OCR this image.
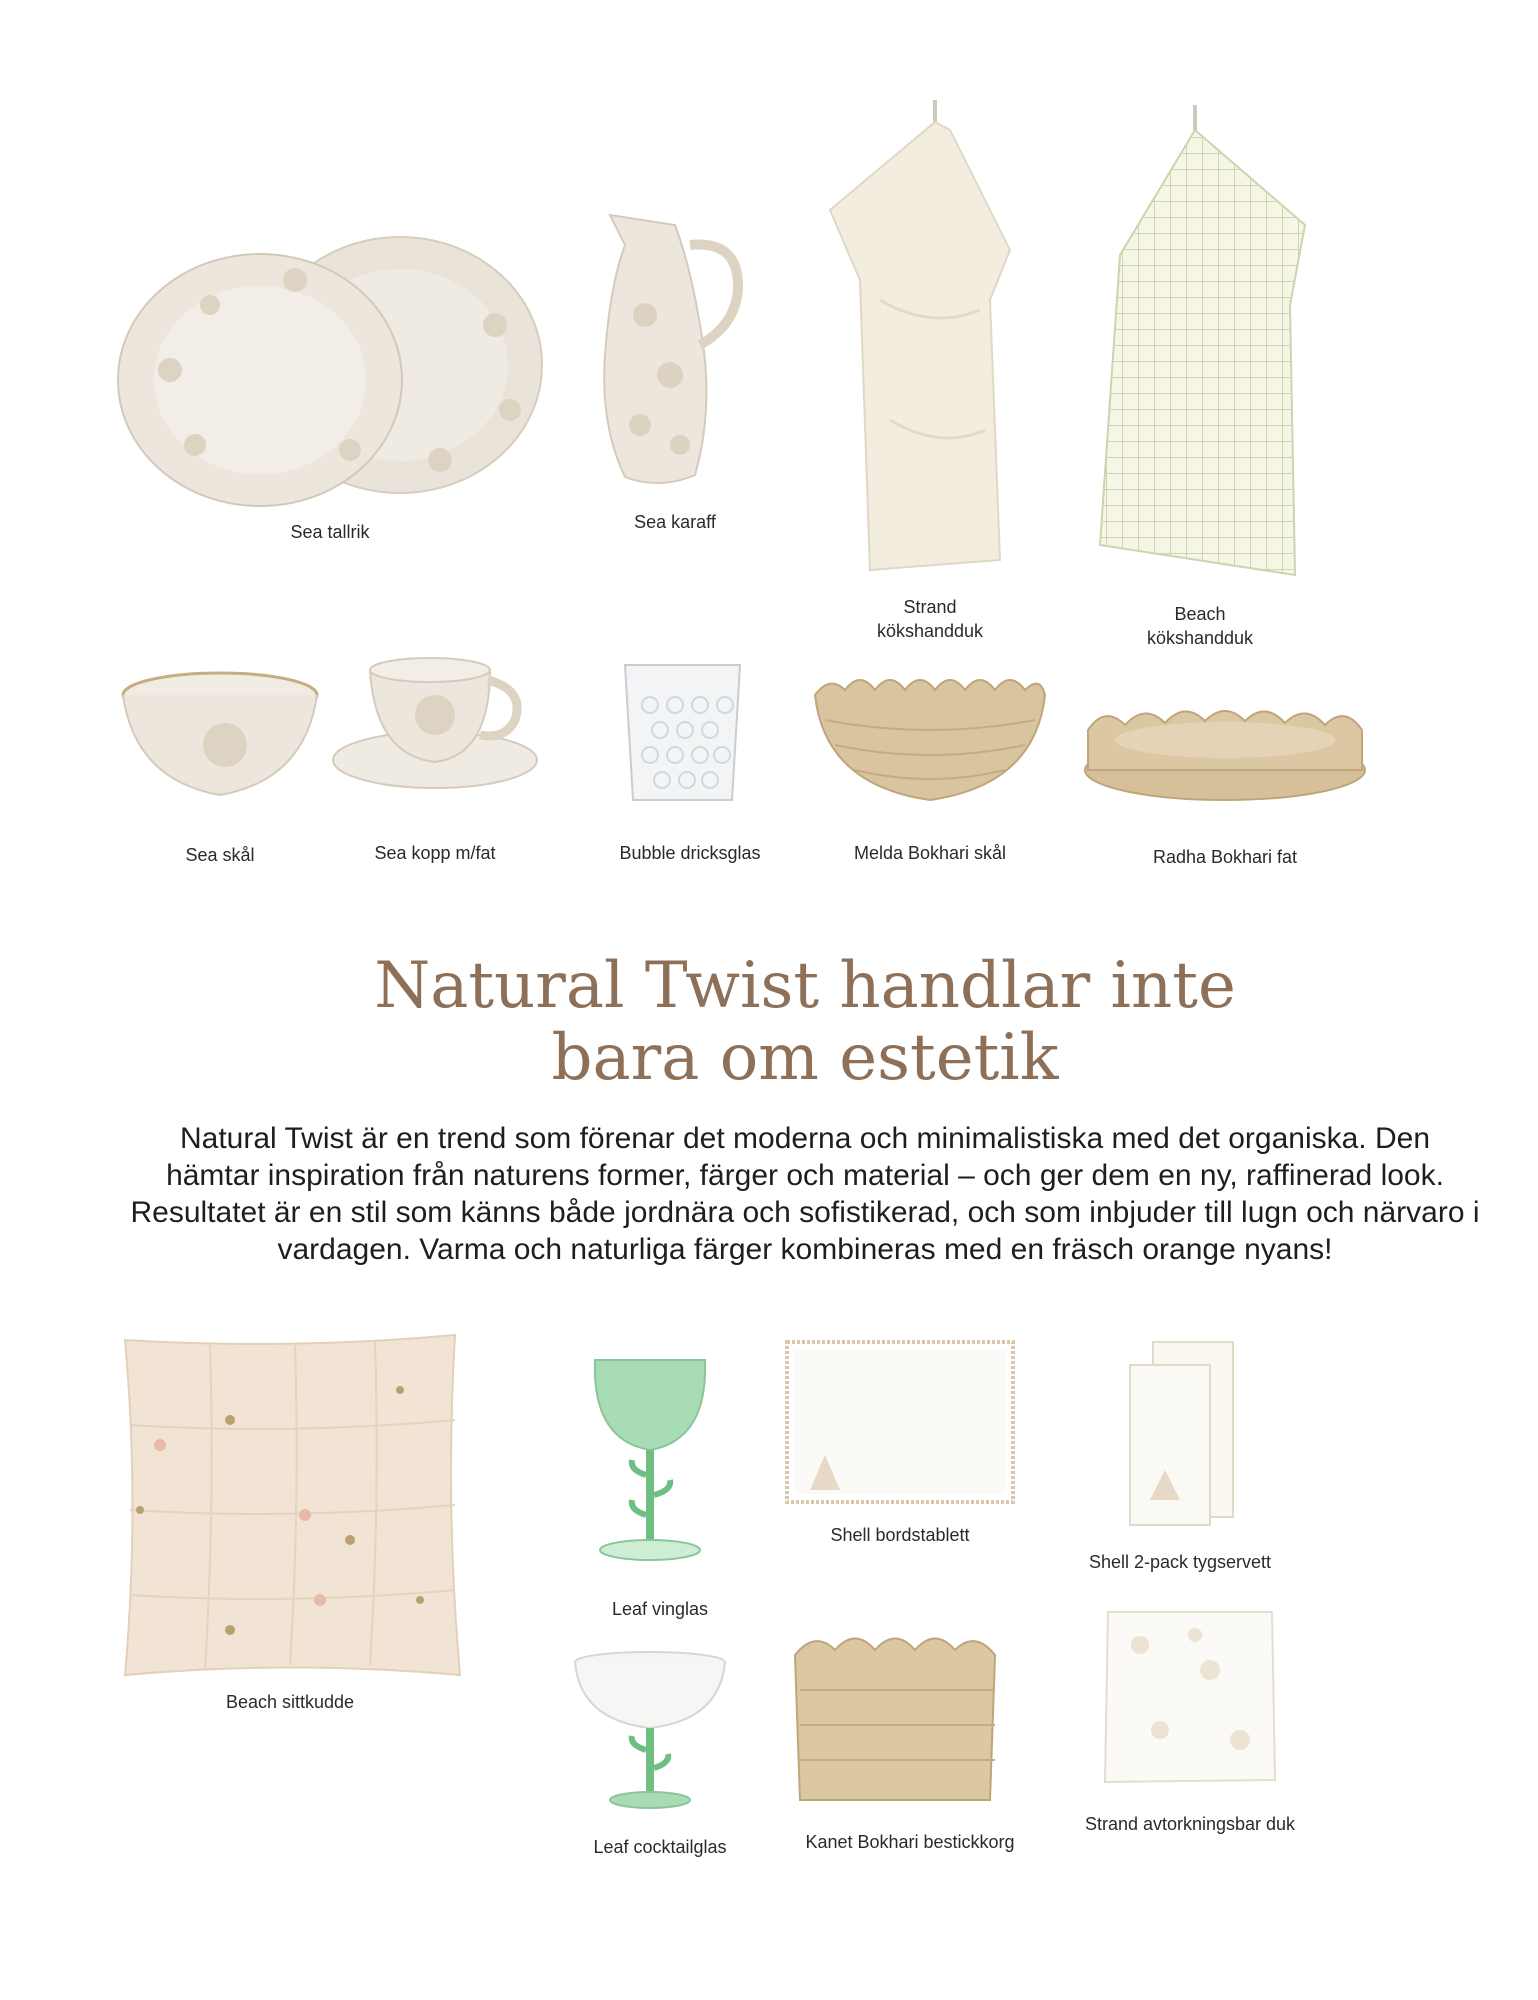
Sea tallrik	Sea karaff
Strand kökshandduk
Beach kökshandduk
Sea skål	Sea kopp m/fat	Bubble dricksglas	Melda Bokhari skål	Radha Bokhari fat
Natural Twist handlar inte
bara om estetik

Natural Twist är en trend som förenar det moderna och minimalistiska med det organiska. Den hämtar inspiration från naturens former, färger och material – och ger dem en ny, raffinerad look. Resultatet är en stil som känns både jordnära och sofistikerad, och som inbjuder till lugn och närvaro i vardagen. Varma och naturliga färger kombineras med en fräsch orange nyans!

Beach sittkudde
Leaf vinglas
Leaf cocktailglas
Shell bordstablett
Kanet Bokhari bestickkorg
Shell 2-pack tygservett
Strand avtorkningsbar duk
